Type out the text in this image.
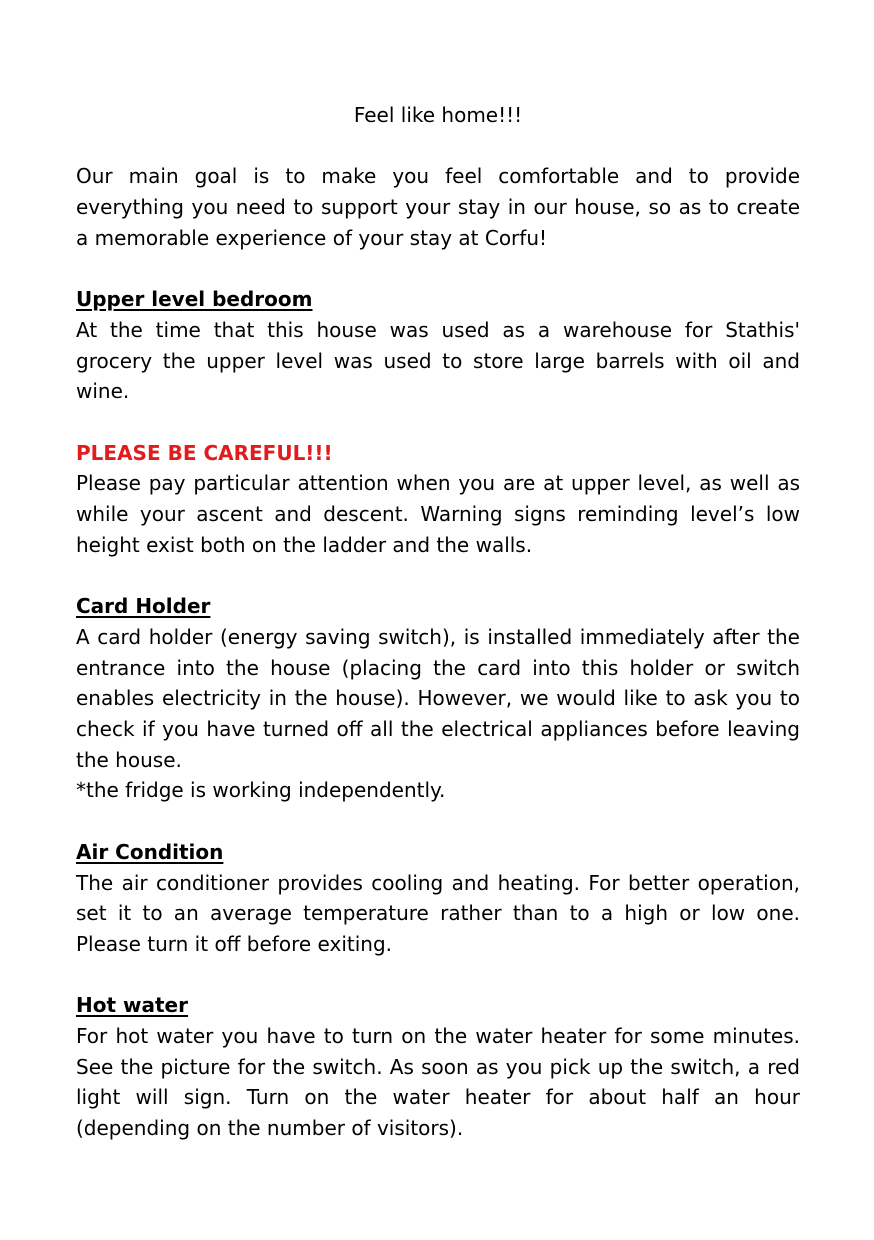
Feel like home!!!

Our main goal is to make you feel comfortable and to provide everything you need to support your stay in our house, so as to create a memorable experience of your stay at Corfu!

Upper level bedroom

At the time that this house was used as a warehouse for Stathis' grocery the upper level was used to store large barrels with oil and wine.

PLEASE BE CAREFUL!!!

Please pay particular attention when you are at upper level, as well as while your ascent and descent. Warning signs reminding level’s low height exist both on the ladder and the walls.

Card Holder

A card holder (energy saving switch), is installed immediately after the entrance into the house (placing the card into this holder or switch enables electricity in the house). However, we would like to ask you to check if you have turned off all the electrical appliances before leaving the house.

*the fridge is working independently.

Air Condition

The air conditioner provides cooling and heating. For better operation, set it to an average temperature rather than to a high or low one. Please turn it off before exiting.

Hot water

For hot water you have to turn on the water heater for some minutes. See the picture for the switch. As soon as you pick up the switch, a red light will sign. Turn on the water heater for about half an hour (depending on the number of visitors).
